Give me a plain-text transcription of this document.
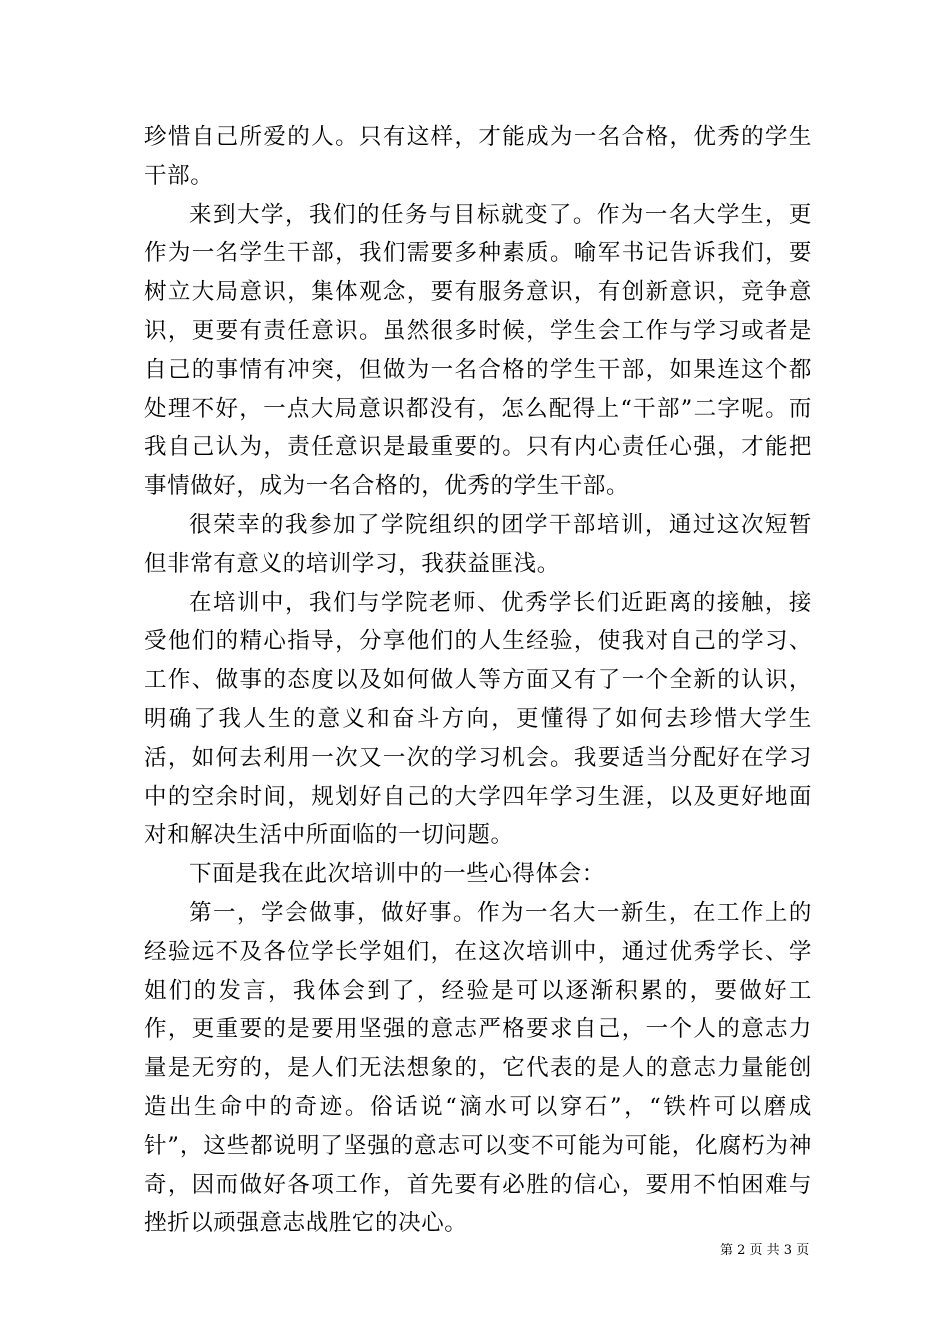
珍惜自己所爱的人。只有这样，才能成为一名合格，优秀的学生干部。

来到大学，我们的任务与目标就变了。作为一名大学生，更作为一名学生干部，我们需要多种素质。喻军书记告诉我们，要树立大局意识，集体观念，要有服务意识，有创新意识，竞争意识，更要有责任意识。虽然很多时候，学生会工作与学习或者是自己的事情有冲突，但做为一名合格的学生干部，如果连这个都处理不好，一点大局意识都没有，怎么配得上“干部”二字呢。而我自己认为，责任意识是最重要的。只有内心责任心强，才能把事情做好，成为一名合格的，优秀的学生干部。

很荣幸的我参加了学院组织的团学干部培训，通过这次短暂但非常有意义的培训学习，我获益匪浅。

在培训中，我们与学院老师、优秀学长们近距离的接触，接受他们的精心指导，分享他们的人生经验，使我对自己的学习、工作、做事的态度以及如何做人等方面又有了一个全新的认识，明确了我人生的意义和奋斗方向，更懂得了如何去珍惜大学生活，如何去利用一次又一次的学习机会。我要适当分配好在学习中的空余时间，规划好自己的大学四年学习生涯，以及更好地面对和解决生活中所面临的一切问题。

下面是我在此次培训中的一些心得体会：

第一，学会做事，做好事。作为一名大一新生，在工作上的经验远不及各位学长学姐们，在这次培训中，通过优秀学长、学姐们的发言，我体会到了，经验是可以逐渐积累的，要做好工作，更重要的是要用坚强的意志严格要求自己，一个人的意志力量是无穷的，是人们无法想象的，它代表的是人的意志力量能创造出生命中的奇迹。俗话说“滴水可以穿石”，“铁杵可以磨成针”，这些都说明了坚强的意志可以变不可能为可能，化腐朽为神奇，因而做好各项工作，首先要有必胜的信心，要用不怕困难与挫折以顽强意志战胜它的决心。

第 2 页 共 3 页
